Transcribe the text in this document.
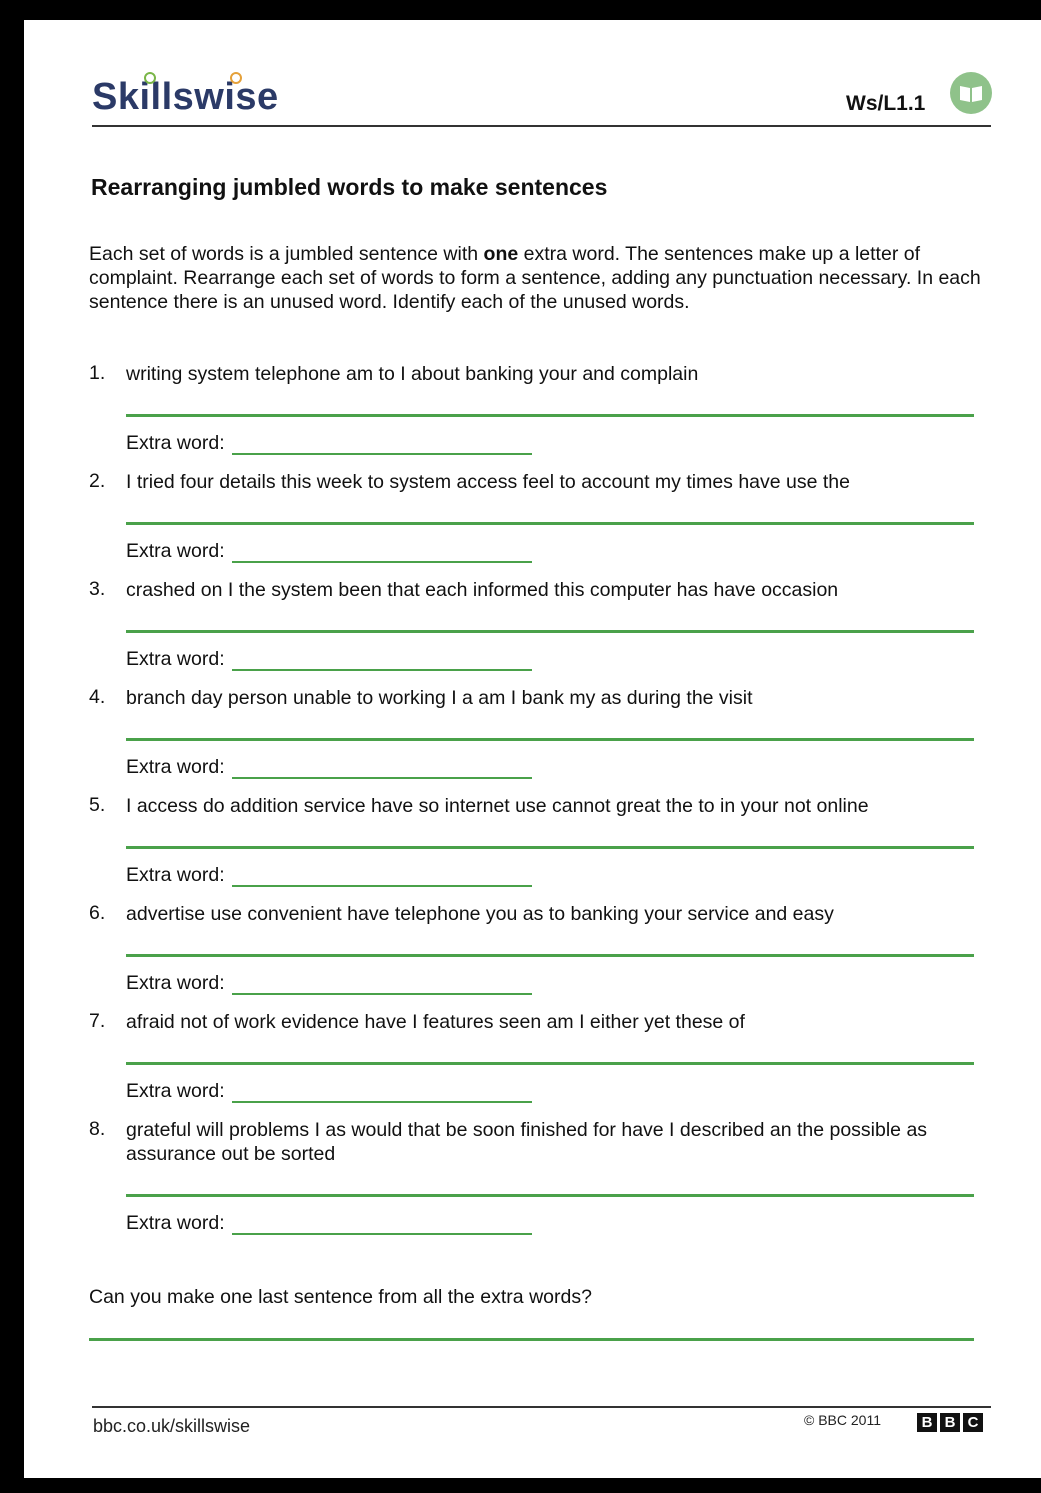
Skillswise	Ws/L1.1
Rearranging jumbled words to make sentences

Each set of words is a jumbled sentence with one extra word. The sentences make up a letter of complaint. Rearrange each set of words to form a sentence, adding any punctuation necessary. In each sentence there is an unused word. Identify each of the unused words.

1. writing system telephone am to I about banking your and complain
Extra word:
2. I tried four details this week to system access feel to account my times have use the
Extra word:
3. crashed on I the system been that each informed this computer has have occasion
Extra word:
4. branch day person unable to working I a am I bank my as during the visit
Extra word:
5. I access do addition service have so internet use cannot great the to in your not online
Extra word:
6. advertise use convenient have telephone you as to banking your service and easy
Extra word:
7. afraid not of work evidence have I features seen am I either yet these of
Extra word:
8. grateful will problems I as would that be soon finished for have I described an the possible as assurance out be sorted
Extra word:
Can you make one last sentence from all the extra words?
bbc.co.uk/skillswise	© BBC 2011	B B C
